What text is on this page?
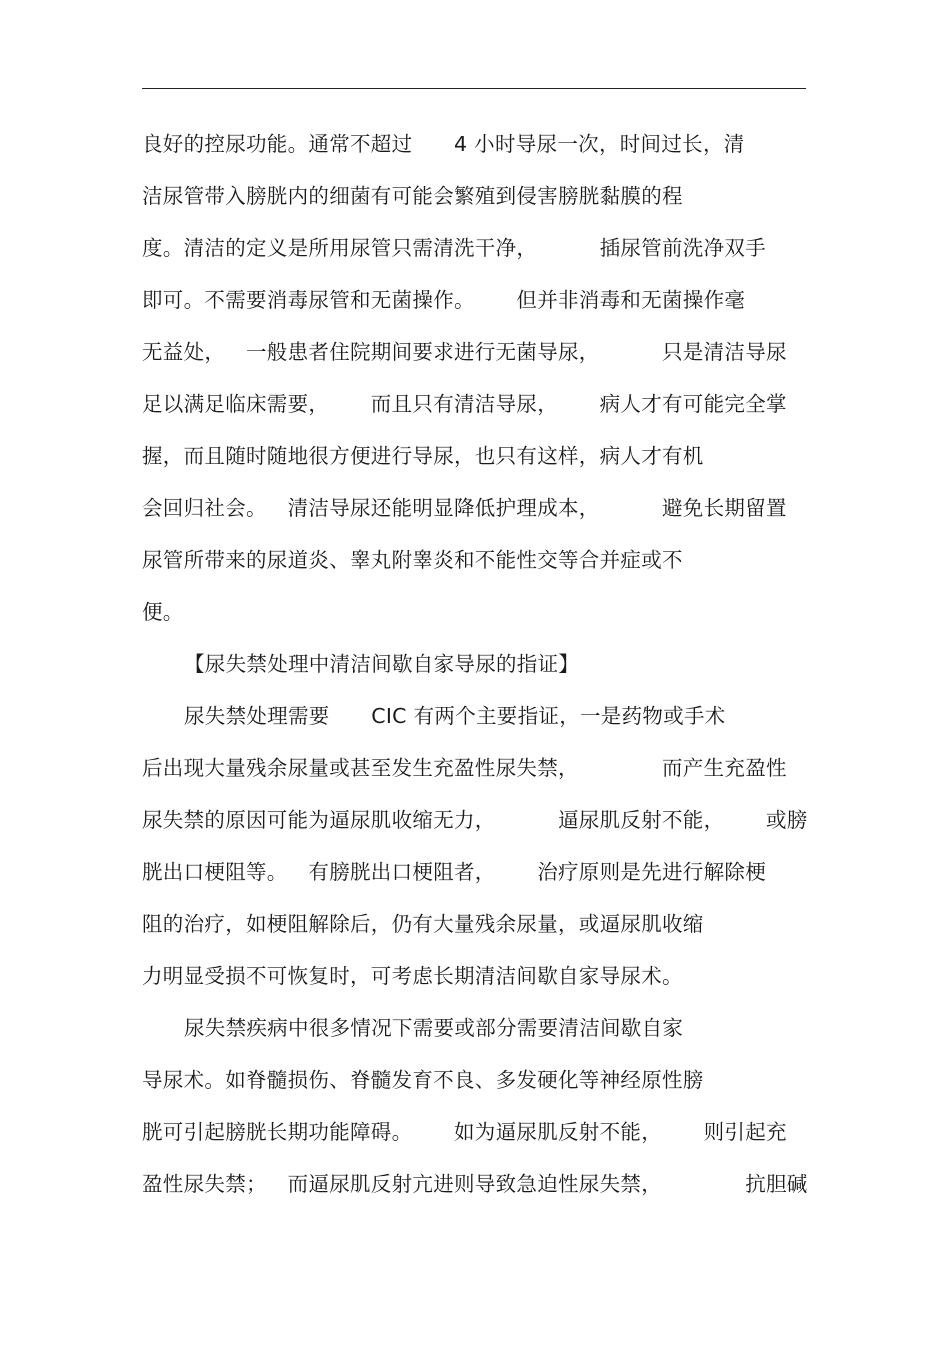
良好的控尿功能。通常不超过  4 小时导尿一次，时间过长，清
洁尿管带入膀胱内的细菌有可能会繁殖到侵害膀胱黏膜的程
度。清洁的定义是所用尿管只需清洗干净，   插尿管前洗净双手
即可。不需要消毒尿管和无菌操作。  但并非消毒和无菌操作毫
无益处， 一般患者住院期间要求进行无菌导尿，   只是清洁导尿
足以满足临床需要，  而且只有清洁导尿，  病人才有可能完全掌
握，而且随时随地很方便进行导尿，也只有这样，病人才有机
会回归社会。 清洁导尿还能明显降低护理成本，   避免长期留置
尿管所带来的尿道炎、睾丸附睾炎和不能性交等合并症或不
便。
【尿失禁处理中清洁间歇自家导尿的指证】
尿失禁处理需要  CIC 有两个主要指证，一是药物或手术
后出现大量残余尿量或甚至发生充盈性尿失禁，    而产生充盈性
尿失禁的原因可能为逼尿肌收缩无力，   逼尿肌反射不能，  或膀
胱出口梗阻等。 有膀胱出口梗阻者，  治疗原则是先进行解除梗
阻的治疗，如梗阻解除后，仍有大量残余尿量，或逼尿肌收缩
力明显受损不可恢复时，可考虑长期清洁间歇自家导尿术。
尿失禁疾病中很多情况下需要或部分需要清洁间歇自家
导尿术。如脊髓损伤、脊髓发育不良、多发硬化等神经原性膀
胱可引起膀胱长期功能障碍。  如为逼尿肌反射不能，  则引起充
盈性尿失禁； 而逼尿肌反射亢进则导致急迫性尿失禁，    抗胆碱
